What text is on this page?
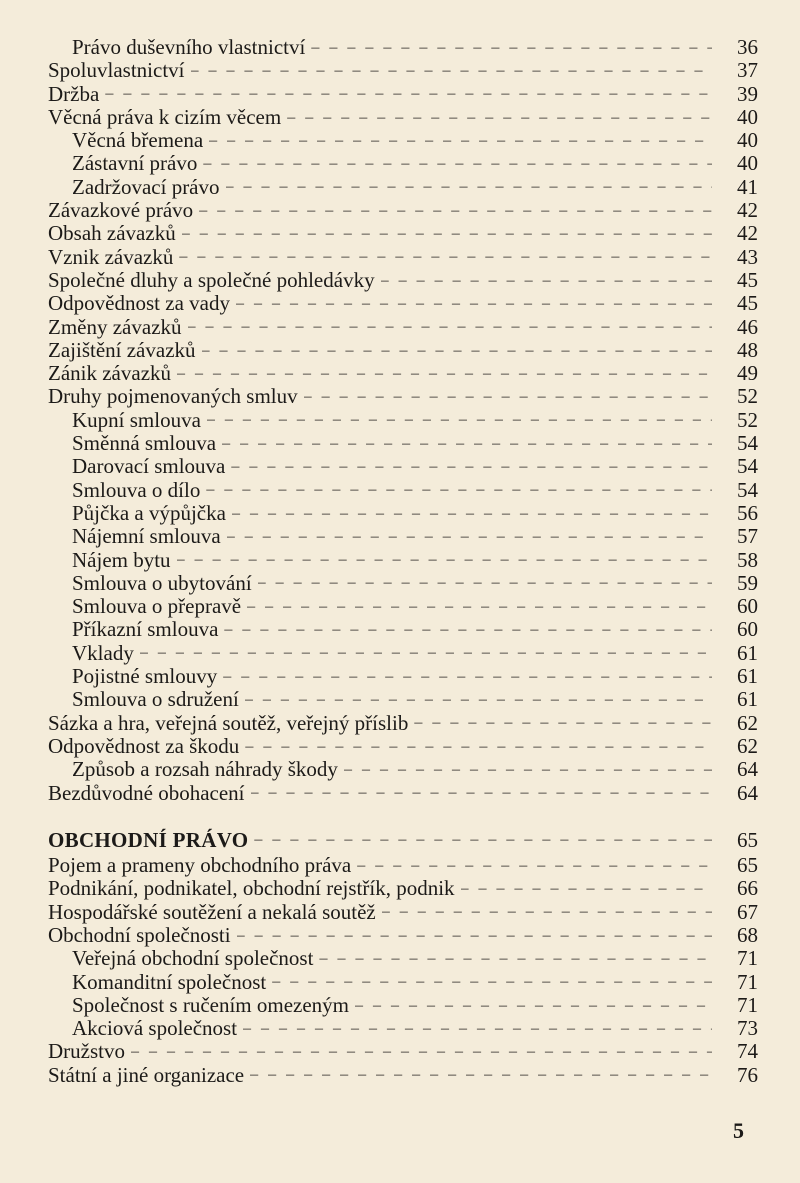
Právo duševního vlastnictví – – –	36
Spoluvlastnictví – – –	37
Držba – – –	39
Věcná práva k cizím věcem – – –	40
Věcná břemena – – –	40
Zástavní právo – – –	40
Zadržovací právo – – –	41
Závazkové právo – – –	42
Obsah závazků – – –	42
Vznik závazků – – –	43
Společné dluhy a společné pohledávky – – –	45
Odpovědnost za vady – – –	45
Změny závazků – – –	46
Zajištění závazků – – –	48
Zánik závazků – – –	49
Druhy pojmenovaných smluv – – –	52
Kupní smlouva – – –	52
Směnná smlouva – – –	54
Darovací smlouva – – –	54
Smlouva o dílo – – –	54
Půjčka a výpůjčka – – –	56
Nájemní smlouva – – –	57
Nájem bytu – – –	58
Smlouva o ubytování – – –	59
Smlouva o přepravě – – –	60
Příkazní smlouva – – –	60
Vklady – – –	61
Pojistné smlouvy – – –	61
Smlouva o sdružení – – –	61
Sázka a hra, veřejná soutěž, veřejný příslib – – –	62
Odpovědnost za škodu – – –	62
Způsob a rozsah náhrady škody – – –	64
Bezdůvodné obohacení – – –	64
OBCHODNÍ PRÁVO – – –	65
Pojem a prameny obchodního práva – – –	65
Podnikání, podnikatel, obchodní rejstřík, podnik – – –	66
Hospodářské soutěžení a nekalá soutěž – – –	67
Obchodní společnosti – – –	68
Veřejná obchodní společnost – – –	71
Komanditní společnost – – –	71
Společnost s ručením omezeným – – –	71
Akciová společnost – – –	73
Družstvo – – –	74
Státní a jiné organizace – – –	76
5
